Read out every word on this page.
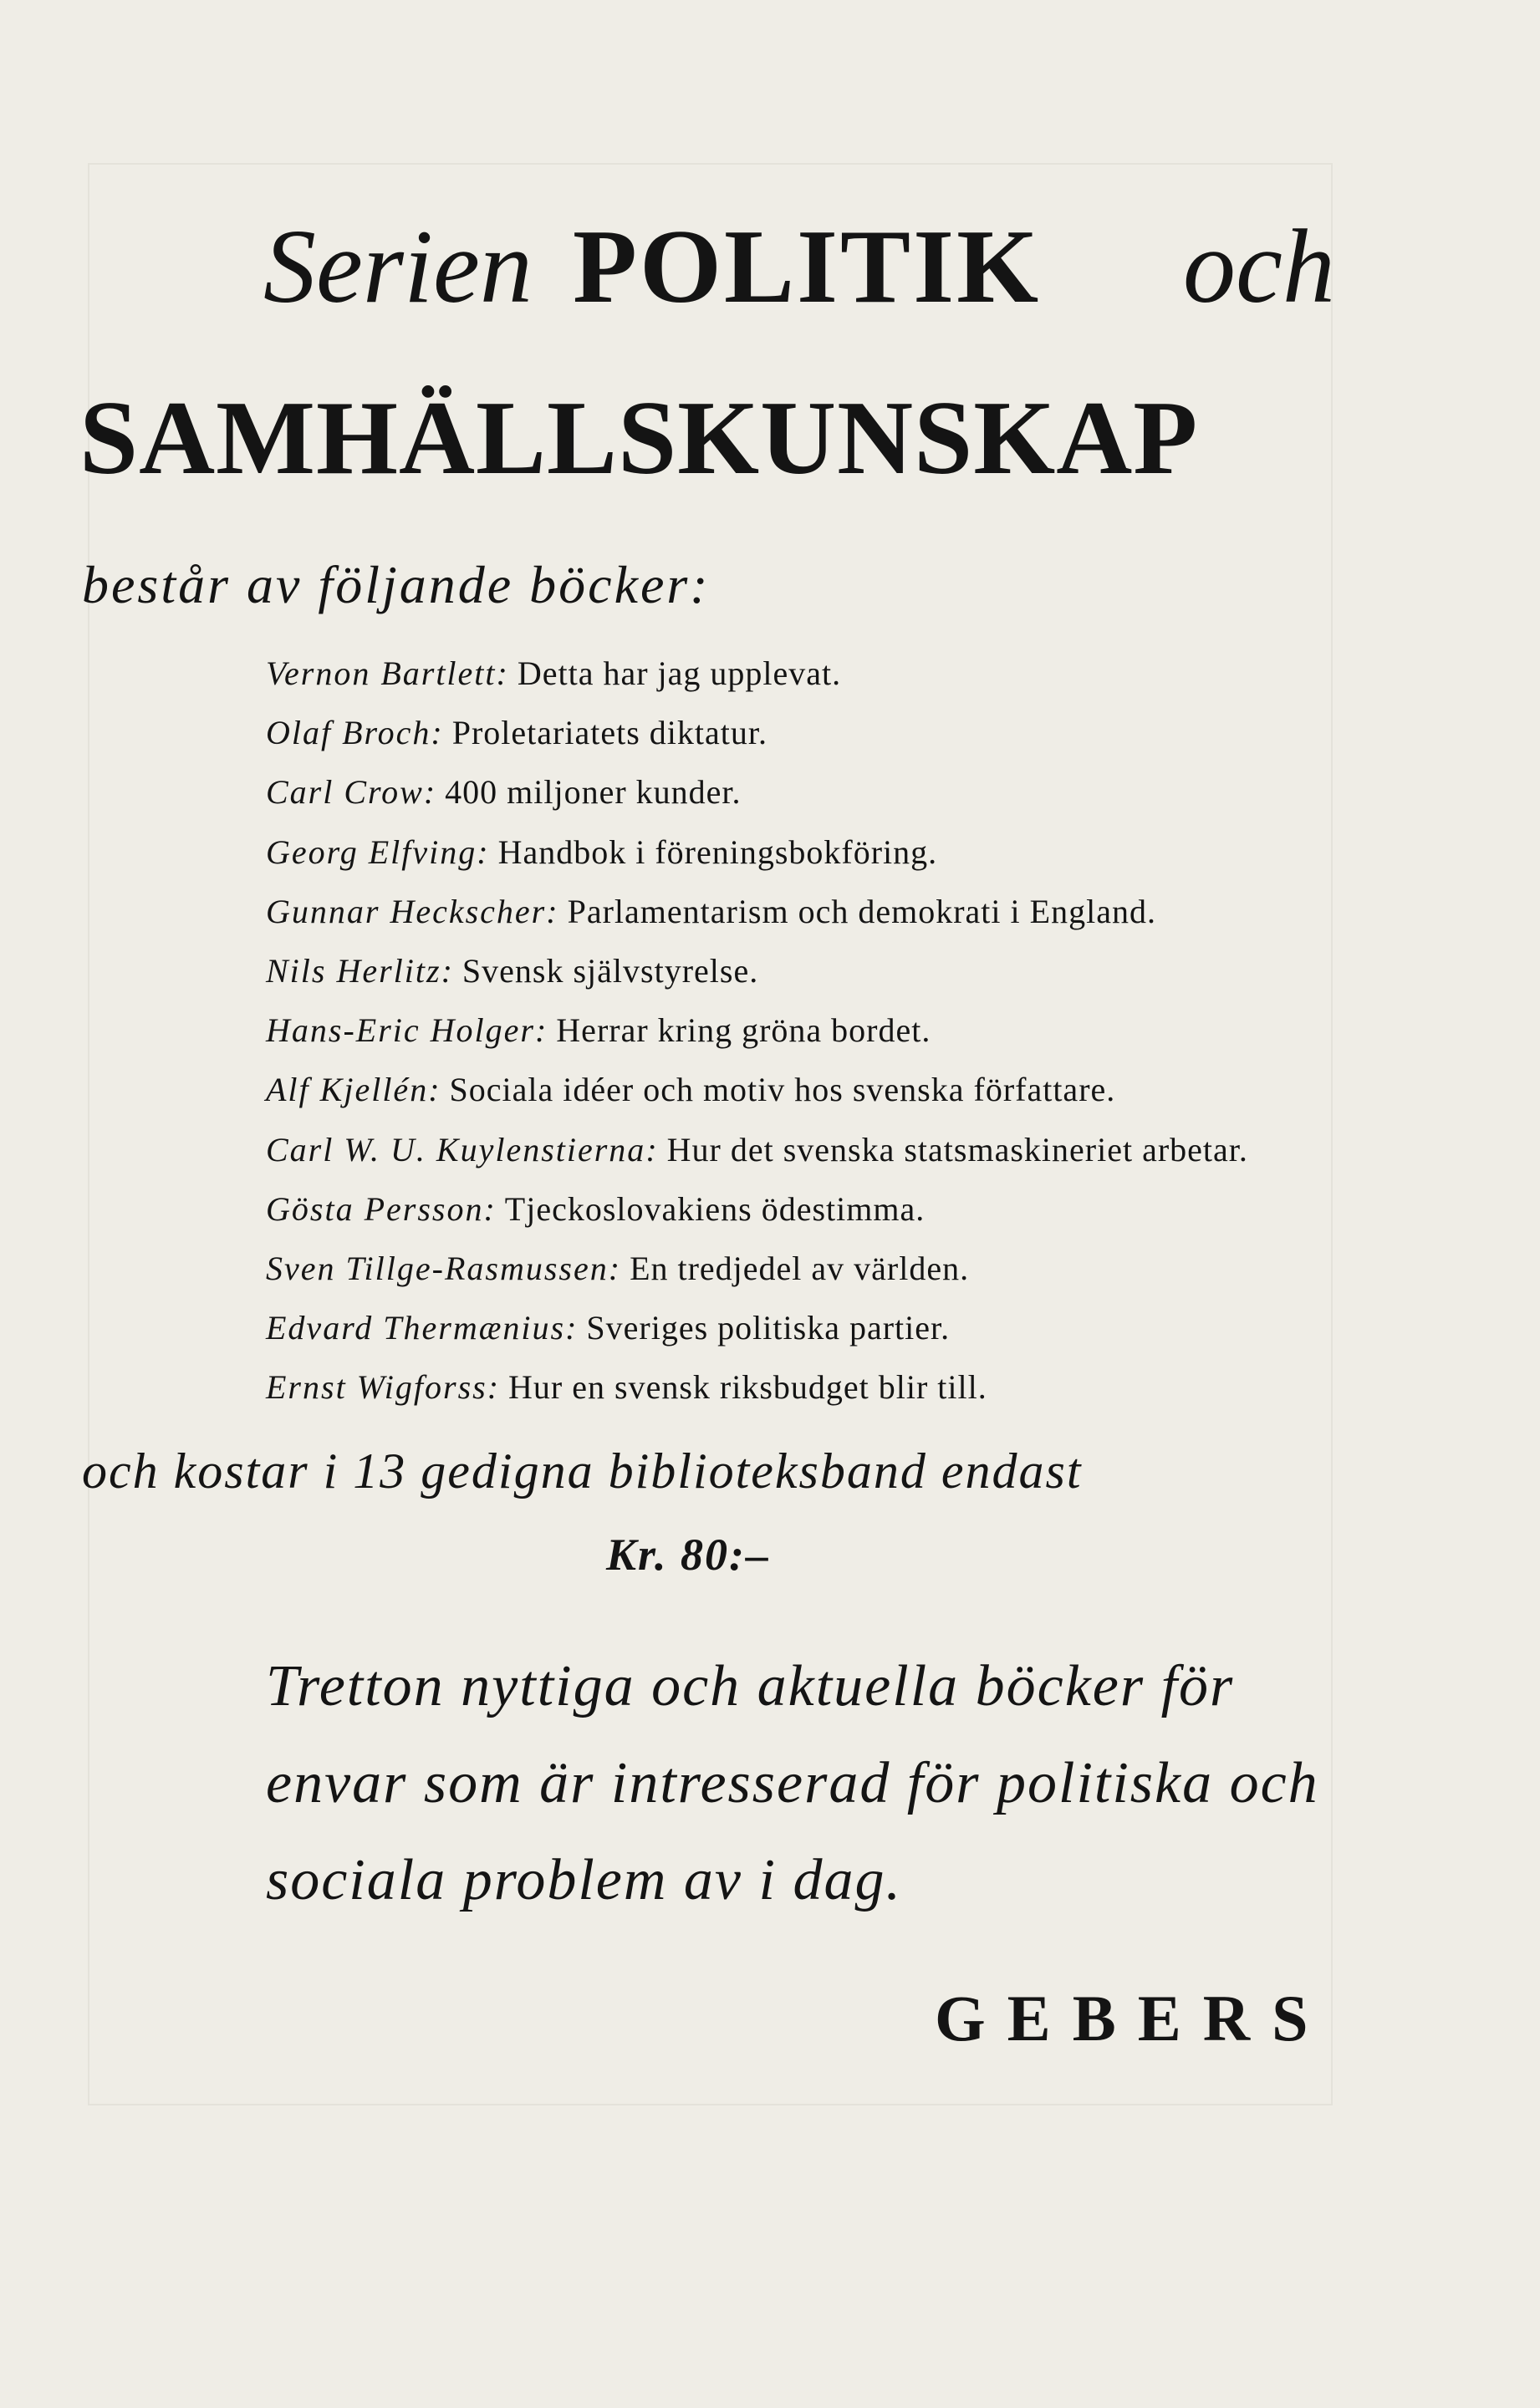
Serien POLITIK och
SAMHÄLLSKUNSKAP
består av följande böcker:
Vernon Bartlett: Detta har jag upplevat.
Olaf Broch: Proletariatets diktatur.
Carl Crow: 400 miljoner kunder.
Georg Elfving: Handbok i föreningsbokföring.
Gunnar Heckscher: Parlamentarism och demokrati i England.
Nils Herlitz: Svensk självstyrelse.
Hans-Eric Holger: Herrar kring gröna bordet.
Alf Kjellén: Sociala idéer och motiv hos svenska författare.
Carl W. U. Kuylenstierna: Hur det svenska statsmaskineriet arbetar.
Gösta Persson: Tjeckoslovakiens ödestimma.
Sven Tillge-Rasmussen: En tredjedel av världen.
Edvard Thermænius: Sveriges politiska partier.
Ernst Wigforss: Hur en svensk riksbudget blir till.
och kostar i 13 gedigna biblioteksband endast
Kr. 80:–
Tretton nyttiga och aktuella böcker för
envar som är intresserad för politiska och
sociala problem av i dag.
GEBERS
